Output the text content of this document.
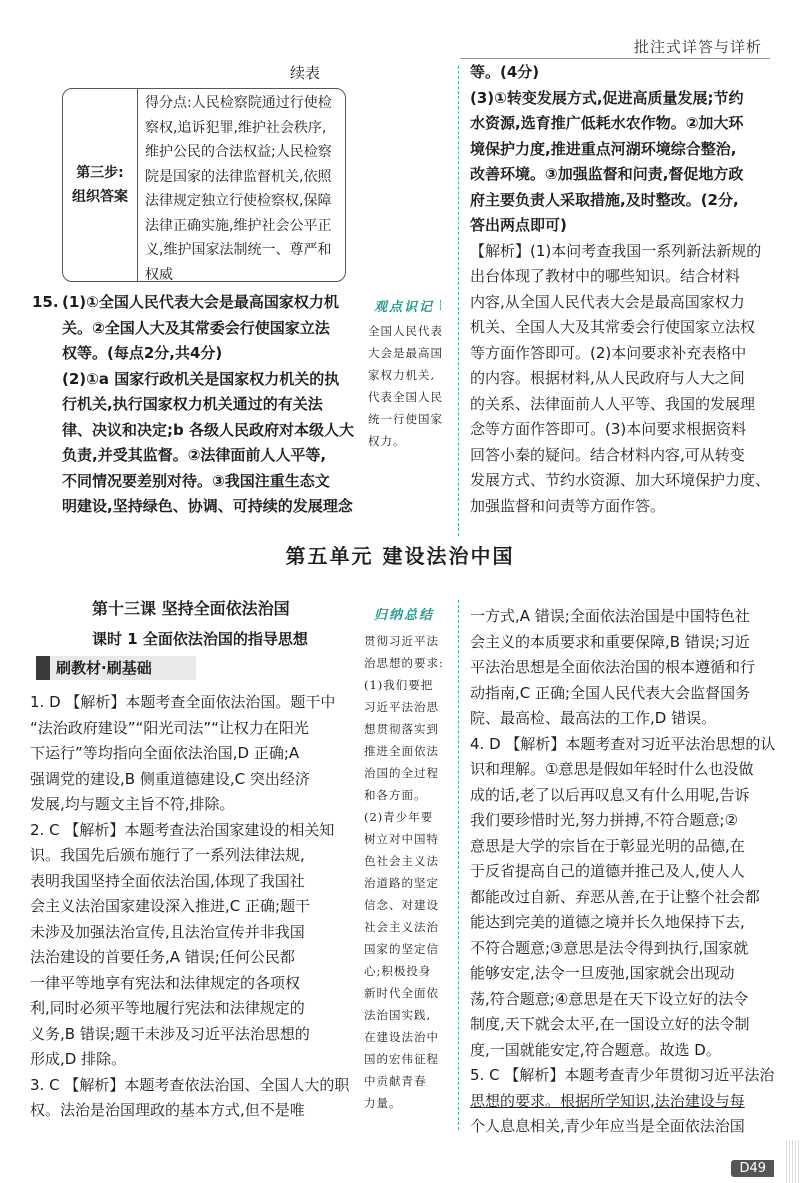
批注式详答与详析
续表
第三步:
组织答案
得分点:人民检察院通过行使检
察权,追诉犯罪,维护社会秩序,
维护公民的合法权益;人民检察
院是国家的法律监督机关,依照
法律规定独立行使检察权,保障
法律正确实施,维护社会公平正
义,维护国家法制统一、尊严和
权威
15. (1)①全国人民代表大会是最高国家权力机
关。②全国人大及其常委会行使国家立法
权等。(每点2分,共4分)
(2)①a 国家行政机关是国家权力机关的执
行机关,执行国家权力机关通过的有关法
律、决议和决定;b 各级人民政府对本级人大
负责,并受其监督。②法律面前人人平等,
不同情况要差别对待。③我国注重生态文
明建设,坚持绿色、协调、可持续的发展理念
观点识记
全国人民代表
大会是最高国
家权力机关,
代表全国人民
统一行使国家
权力。
等。(4分)
(3)①转变发展方式,促进高质量发展;节约
水资源,选育推广低耗水农作物。②加大环
境保护力度,推进重点河湖环境综合整治,
改善环境。③加强监督和问责,督促地方政
府主要负责人采取措施,及时整改。(2分,
答出两点即可)
【解析】(1)本问考查我国一系列新法新规的
出台体现了教材中的哪些知识。结合材料
内容,从全国人民代表大会是最高国家权力
机关、全国人大及其常委会行使国家立法权
等方面作答即可。(2)本问要求补充表格中
的内容。根据材料,从人民政府与人大之间
的关系、法律面前人人平等、我国的发展理
念等方面作答即可。(3)本问要求根据资料
回答小秦的疑问。结合材料内容,可从转变
发展方式、节约水资源、加大环境保护力度、
加强监督和问责等方面作答。
第五单元 建设法治中国
第十三课 坚持全面依法治国
课时 1 全面依法治国的指导思想
刷教材·刷基础
1. D 【解析】本题考查全面依法治国。题干中
“法治政府建设”“阳光司法”“让权力在阳光
下运行”等均指向全面依法治国,D 正确;A
强调党的建设,B 侧重道德建设,C 突出经济
发展,均与题文主旨不符,排除。
2. C 【解析】本题考查法治国家建设的相关知
识。我国先后颁布施行了一系列法律法规,
表明我国坚持全面依法治国,体现了我国社
会主义法治国家建设深入推进,C 正确;题干
未涉及加强法治宣传,且法治宣传并非我国
法治建设的首要任务,A 错误;任何公民都
一律平等地享有宪法和法律规定的各项权
利,同时必须平等地履行宪法和法律规定的
义务,B 错误;题干未涉及习近平法治思想的
形成,D 排除。
3. C 【解析】本题考查依法治国、全国人大的职
权。法治是治国理政的基本方式,但不是唯
归纳总结
贯彻习近平法
治思想的要求:
(1)我们要把
习近平法治思
想贯彻落实到
推进全面依法
治国的全过程
和各方面。
(2)青少年要
树立对中国特
色社会主义法
治道路的坚定
信念、对建设
社会主义法治
国家的坚定信
心;积极投身
新时代全面依
法治国实践,
在建设法治中
国的宏伟征程
中贡献青春
力量。
一方式,A 错误;全面依法治国是中国特色社
会主义的本质要求和重要保障,B 错误;习近
平法治思想是全面依法治国的根本遵循和行
动指南,C 正确;全国人民代表大会监督国务
院、最高检、最高法的工作,D 错误。
4. D 【解析】本题考查对习近平法治思想的认
识和理解。①意思是假如年轻时什么也没做
成的话,老了以后再叹息又有什么用呢,告诉
我们要珍惜时光,努力拼搏,不符合题意;②
意思是大学的宗旨在于彰显光明的品德,在
于反省提高自己的道德并推己及人,使人人
都能改过自新、弃恶从善,在于让整个社会都
能达到完美的道德之境并长久地保持下去,
不符合题意;③意思是法令得到执行,国家就
能够安定,法令一旦废弛,国家就会出现动
荡,符合题意;④意思是在天下设立好的法令
制度,天下就会太平,在一国设立好的法令制
度,一国就能安定,符合题意。故选 D。
5. C 【解析】本题考查青少年贯彻习近平法治
思想的要求。根据所学知识,法治建设与每
个人息息相关,青少年应当是全面依法治国
D49
